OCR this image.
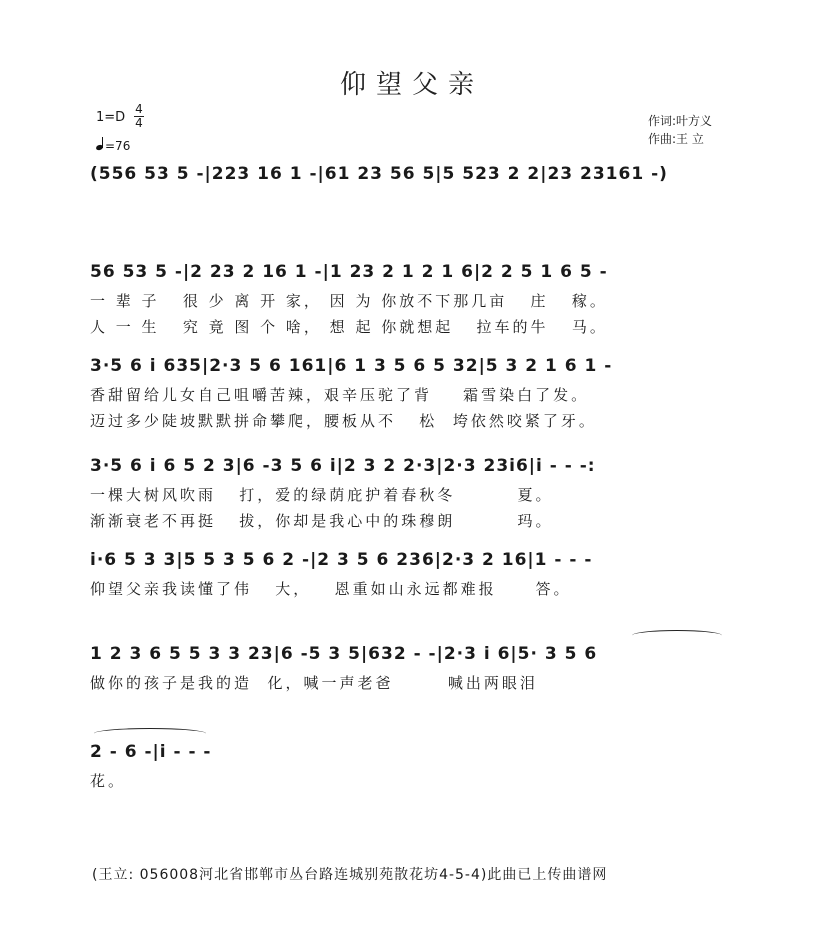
仰望父亲
1=D
4
4
=76
作词:叶方义
作曲:王 立

(556 53 5 -|223 16 1 -|61 23 56 5|5 523 2 2|23 23161 -)

56 53 5 -|2 23 2 16 1 -|1 23 2 1 2 1 6|2 2 5 1 6 5 -

一 辈 子   很 少 离 开 家， 因 为 你放不下那几亩   庄   稼。
人 一 生   究 竟 图 个 啥， 想 起 你就想起   拉车的牛   马。

3·5 6 i 635|2·3 5 6 161|6 1 3 5 6 5 32|5 3 2 1 6 1 -

香甜留给儿女自己咀嚼苦辣，艰辛压驼了背    霜雪染白了发。
迈过多少陡坡默默拼命攀爬，腰板从不   松  垮依然咬紧了牙。

3·5 6 i 6 5 2 3|6 -3 5 6 i|2 3 2 2·3|2·3 23i6|i - - -:

一棵大树风吹雨   打，爱的绿荫庇护着春秋冬        夏。
渐渐衰老不再挺   拔，你却是我心中的珠穆朗        玛。

i·6 5 3 3|5 5 3 5 6 2 -|2 3 5 6 236|2·3 2 16|1 - - -

仰望父亲我读懂了伟   大，   恩重如山永远都难报     答。

1 2 3 6 5 5 3 3 23|6 -5 3 5|632 - -|2·3 i 6|5· 3 5 6

做你的孩子是我的造  化，喊一声老爸       喊出两眼泪

2 - 6 -|i - - -

花。
(王立: 056008河北省邯郸市丛台路连城别苑散花坊4-5-4)此曲已上传曲谱网
